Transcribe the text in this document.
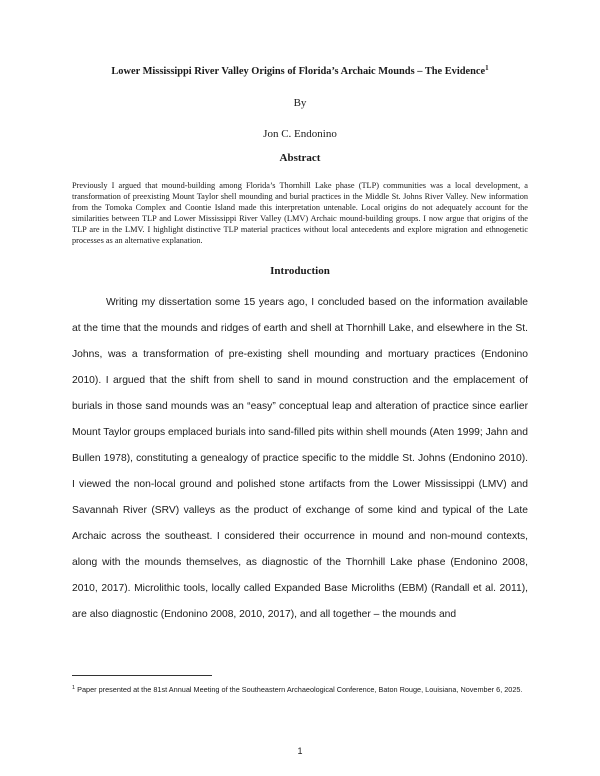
Lower Mississippi River Valley Origins of Florida’s Archaic Mounds – The Evidence$^1$
By
Jon C. Endonino
Abstract
Previously I argued that mound-building among Florida’s Thornhill Lake phase (TLP) communities was a local development, a transformation of preexisting Mount Taylor shell mounding and burial practices in the Middle St. Johns River Valley. New information from the Tomoka Complex and Coontie Island made this interpretation untenable. Local origins do not adequately account for the similarities between TLP and Lower Mississippi River Valley (LMV) Archaic mound-building groups. I now argue that origins of the TLP are in the LMV. I highlight distinctive TLP material practices without local antecedents and explore migration and ethnogenetic processes as an alternative explanation.
Introduction
Writing my dissertation some 15 years ago, I concluded based on the information available at the time that the mounds and ridges of earth and shell at Thornhill Lake, and elsewhere in the St. Johns, was a transformation of pre-existing shell mounding and mortuary practices (Endonino 2010). I argued that the shift from shell to sand in mound construction and the emplacement of burials in those sand mounds was an “easy” conceptual leap and alteration of practice since earlier Mount Taylor groups emplaced burials into sand-filled pits within shell mounds (Aten 1999; Jahn and Bullen 1978), constituting a genealogy of practice specific to the middle St. Johns (Endonino 2010). I viewed the non-local ground and polished stone artifacts from the Lower Mississippi (LMV) and Savannah River (SRV) valleys as the product of exchange of some kind and typical of the Late Archaic across the southeast. I considered their occurrence in mound and non-mound contexts, along with the mounds themselves, as diagnostic of the Thornhill Lake phase (Endonino 2008, 2010, 2017). Microlithic tools, locally called Expanded Base Microliths (EBM) (Randall et al. 2011), are also diagnostic (Endonino 2008, 2010, 2017), and all together – the mounds and
$^1$ Paper presented at the 81st Annual Meeting of the Southeastern Archaeological Conference, Baton Rouge, Louisiana, November 6, 2025.
1
